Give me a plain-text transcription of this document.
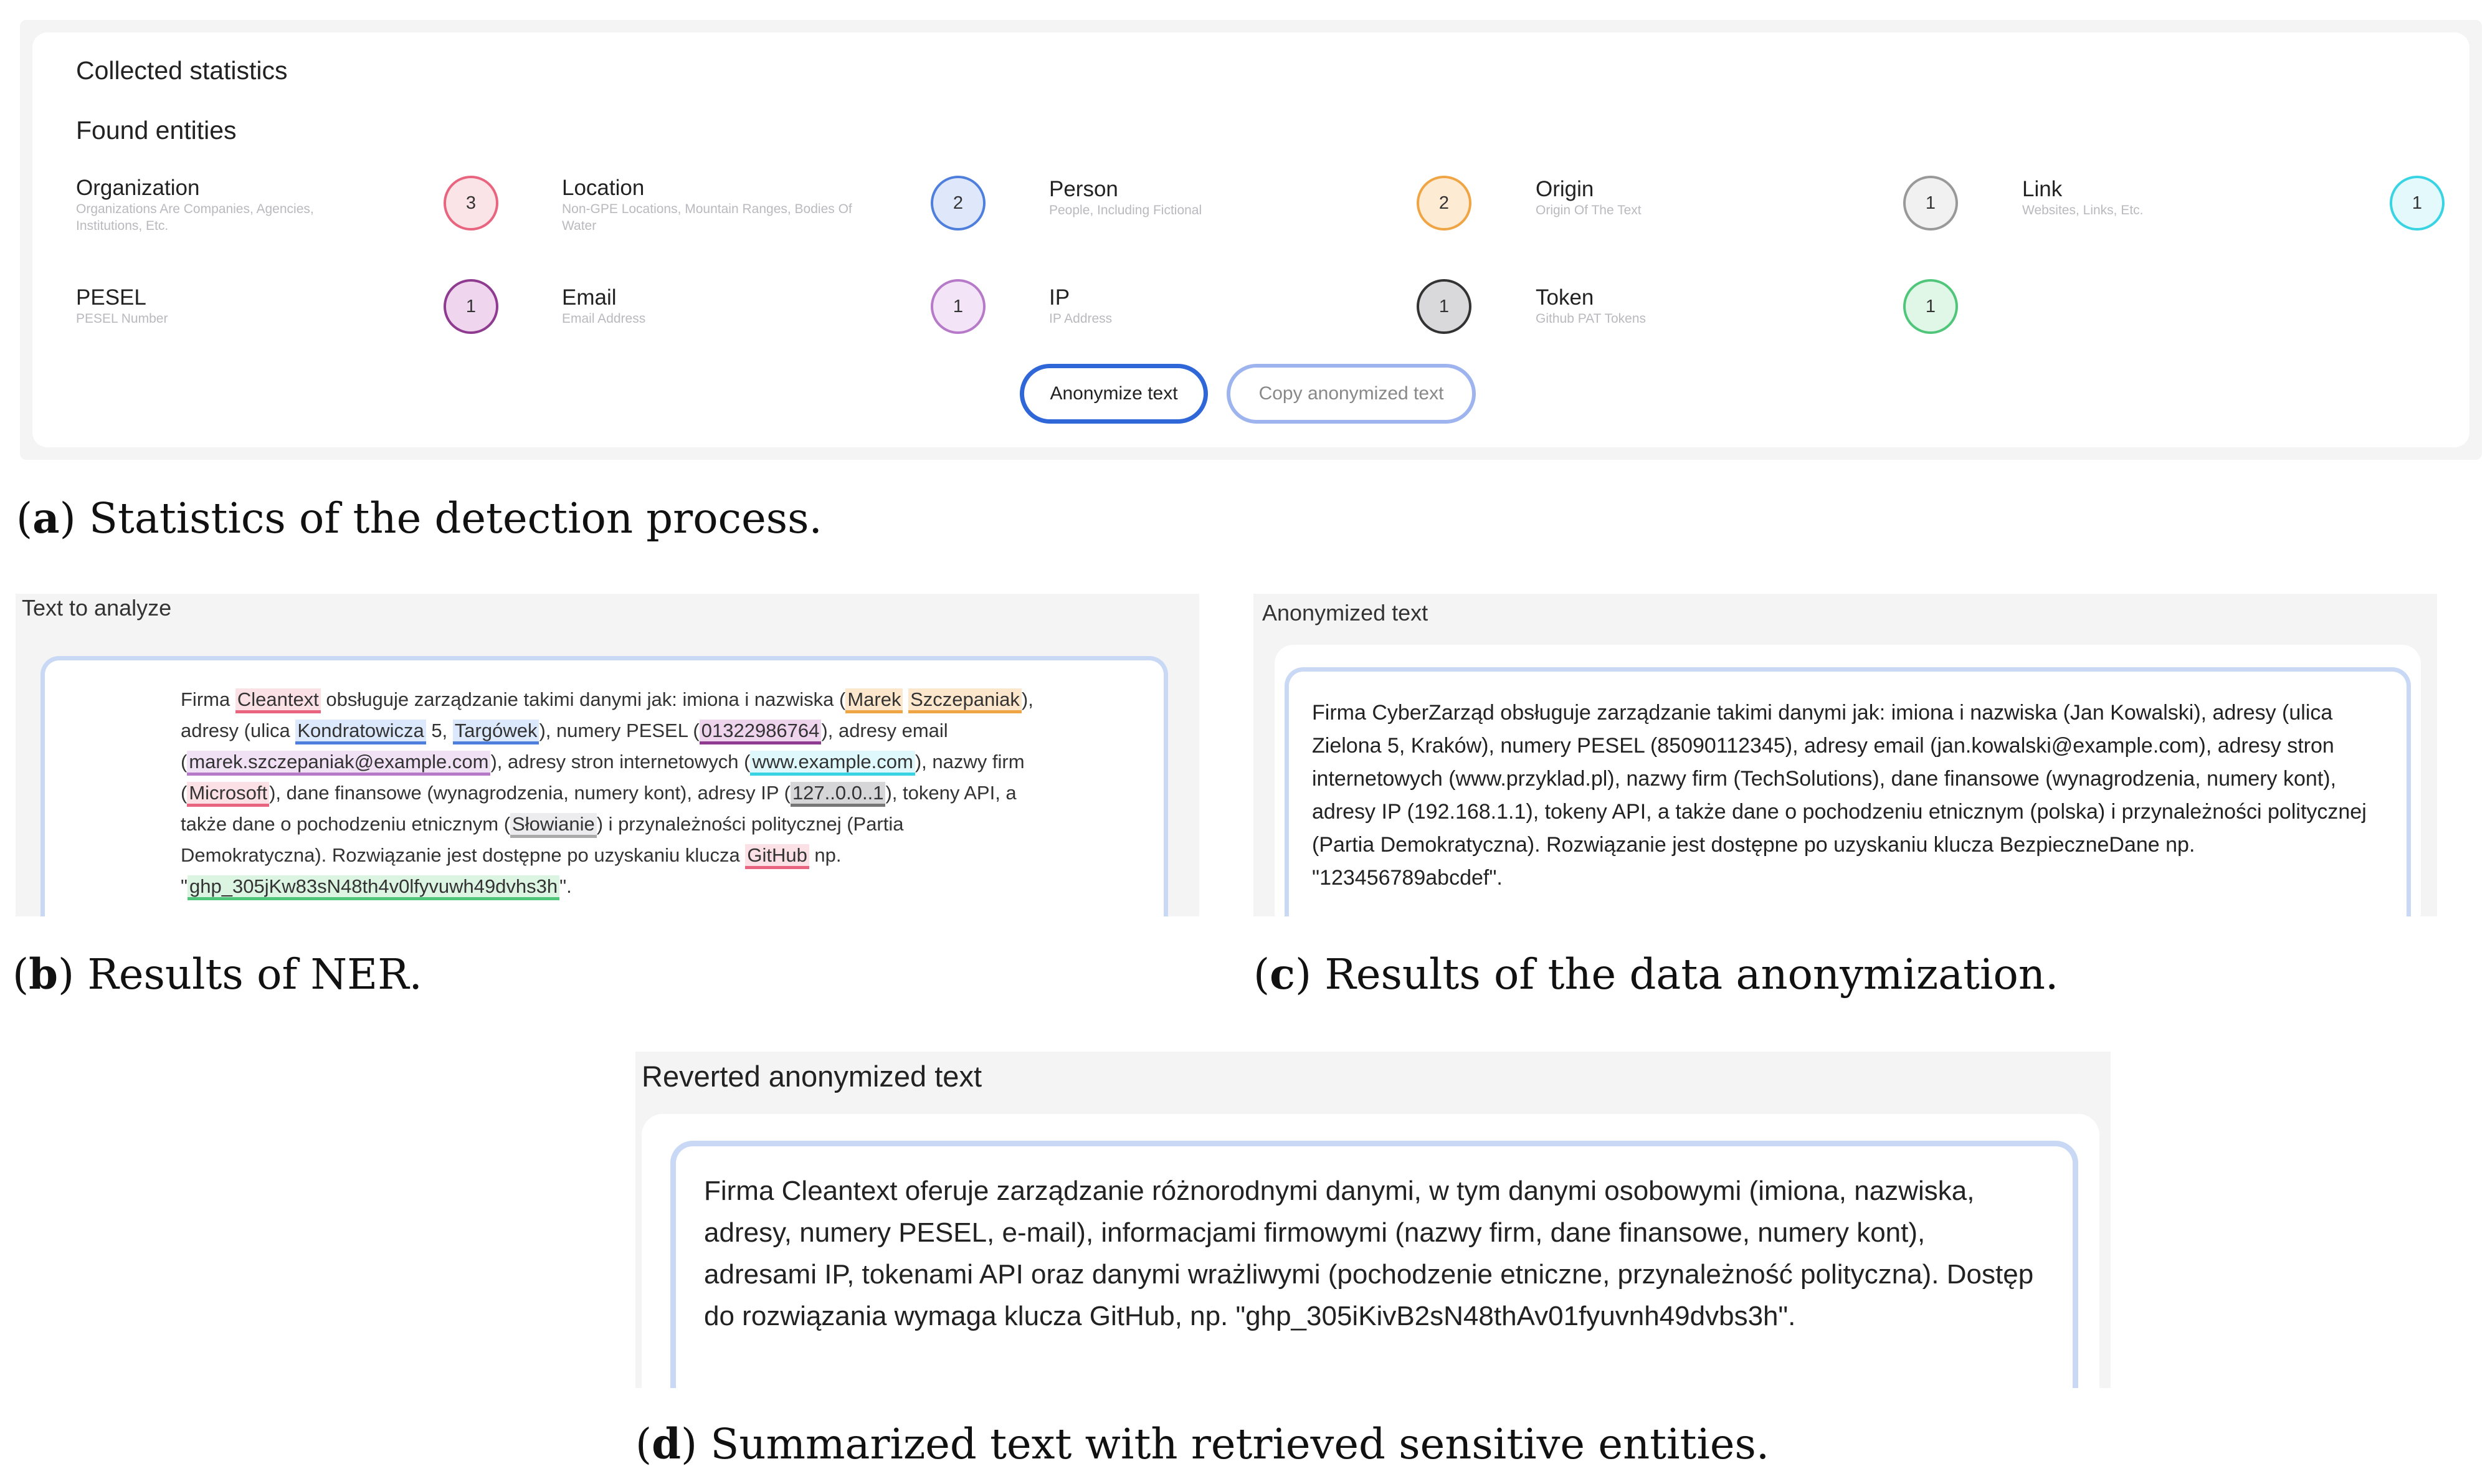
Collected statistics
Found entities
Organization
Organizations Are Companies, Agencies, Institutions, Etc.
3
Location
Non-GPE Locations, Mountain Ranges, Bodies Of Water
2
Person
People, Including Fictional	2
Origin
Origin Of The Text	1
Link
Websites, Links, Etc.	1
PESEL
PESEL Number
1	Email
Email Address
1	IP
IP Address
1	Token
Github PAT Tokens
1
Anonymize text	Copy anonymized text
(a) Statistics of the detection process.
Text to analyze
Firma Cleantext obsługuje zarządzanie takimi danymi jak: imiona i nazwiska (Marek Szczepaniak), adresy (ulica Kondratowicza 5, Targówek), numery PESEL (01322986764), adresy email (marek.szczepaniak@example.com), adresy stron internetowych (www.example.com), nazwy firm (Microsoft), dane finansowe (wynagrodzenia, numery kont), adresy IP (127..0.0..1), tokeny API, a także dane o pochodzeniu etnicznym (Słowianie) i przynależności politycznej (Partia Demokratyczna). Rozwiązanie jest dostępne po uzyskaniu klucza GitHub np. "ghp_305jKw83sN48th4v0lfyvuwh49dvhs3h".
(b) Results of NER.
Anonymized text
Firma CyberZarząd obsługuje zarządzanie takimi danymi jak: imiona i nazwiska (Jan Kowalski), adresy (ulica Zielona 5, Kraków), numery PESEL (85090112345), adresy email (jan.kowalski@example.com), adresy stron internetowych (www.przyklad.pl), nazwy firm (TechSolutions), dane finansowe (wynagrodzenia, numery kont), adresy IP (192.168.1.1), tokeny API, a także dane o pochodzeniu etnicznym (polska) i przynależności politycznej (Partia Demokratyczna). Rozwiązanie jest dostępne po uzyskaniu klucza BezpieczneDane np. "123456789abcdef".
(c) Results of the data anonymization.
Reverted anonymized text
Firma Cleantext oferuje zarządzanie różnorodnymi danymi, w tym danymi osobowymi (imiona, nazwiska, adresy, numery PESEL, e-mail), informacjami firmowymi (nazwy firm, dane finansowe, numery kont), adresami IP, tokenami API oraz danymi wrażliwymi (pochodzenie etniczne, przynależność polityczna). Dostęp do rozwiązania wymaga klucza GitHub, np. "ghp_305iKivB2sN48thAv01fyuvnh49dvbs3h".
(d) Summarized text with retrieved sensitive entities.
